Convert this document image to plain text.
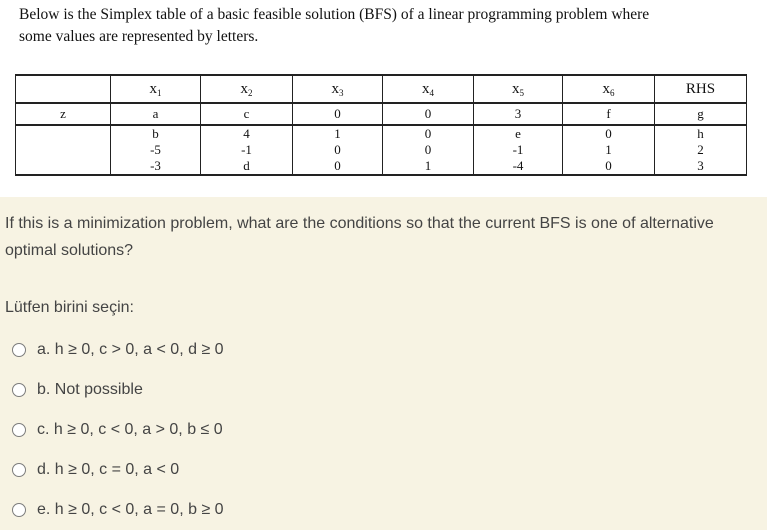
Below is the Simplex table of a basic feasible solution (BFS) of a linear programming problem where
some values are represented by letters.
	$x_1$	$x_2$	$x_3$	$x_4$	$x_5$	$x_6$	RHS
z	a	c	0	0	3	f	g
	b	4	1	0	e	0	h
	-5	-1	0	0	-1	1	2
	-3	d	0	1	-4	0	3
If this is a minimization problem, what are the conditions so that the current BFS is one of alternative optimal solutions?
Lütfen birini seçin:
a. h ≥ 0, c > 0, a < 0, d ≥ 0
b. Not possible
c. h ≥ 0, c < 0, a > 0, b ≤ 0
d. h ≥ 0, c = 0, a < 0
e. h ≥ 0, c < 0, a = 0, b ≥ 0
